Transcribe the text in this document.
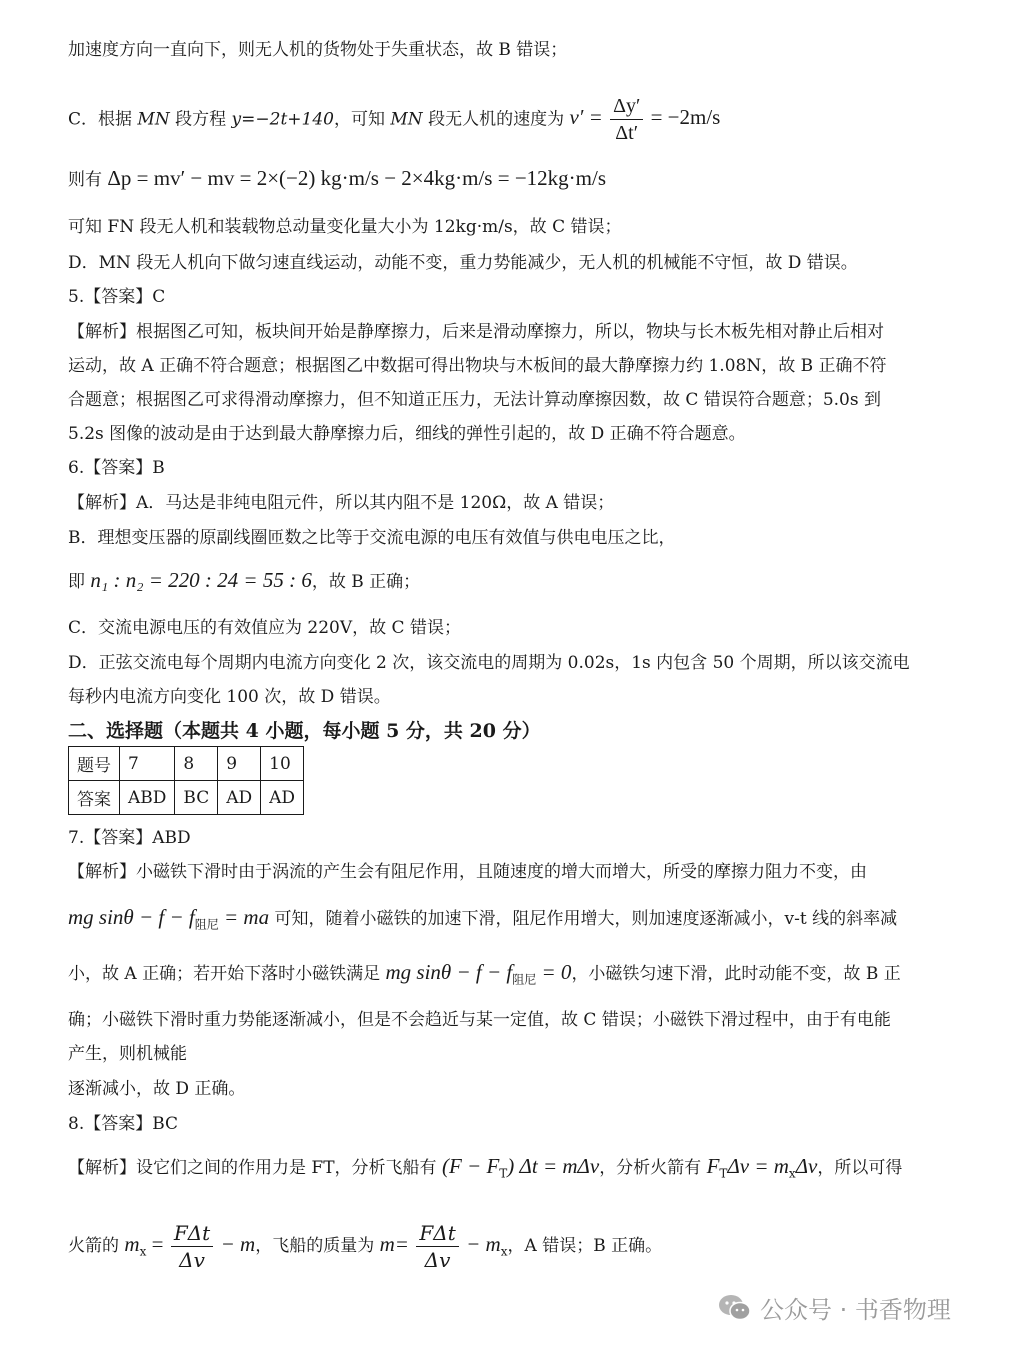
加速度方向一直向下，则无人机的货物处于失重状态，故 B 错误；
C．根据 MN 段方程 y=−2t+140，可知 MN 段无人机的速度为 $v' = \frac{\Delta y'}{\Delta t'} = -2m/s$
则有 Δp = mv′ − mv = 2×(−2) kg·m/s − 2×4kg·m/s = −12kg·m/s
可知 FN 段无人机和装载物总动量变化量大小为 12kg·m/s，故 C 错误；
D．MN 段无人机向下做匀速直线运动，动能不变，重力势能减少，无人机的机械能不守恒，故 D 错误。
5.【答案】C
【解析】根据图乙可知，板块间开始是静摩擦力，后来是滑动摩擦力，所以，物块与长木板先相对静止后相对
运动，故 A 正确不符合题意；根据图乙中数据可得出物块与木板间的最大静摩擦力约 1.08N，故 B 正确不符
合题意；根据图乙可求得滑动摩擦力，但不知道正压力，无法计算动摩擦因数，故 C 错误符合题意；5.0s 到
5.2s 图像的波动是由于达到最大静摩擦力后，细线的弹性引起的，故 D 正确不符合题意。
6.【答案】B
【解析】A．马达是非纯电阻元件，所以其内阻不是 120Ω，故 A 错误；
B．理想变压器的原副线圈匝数之比等于交流电源的电压有效值与供电电压之比，
即 n₁ : n₂ = 220 : 24 = 55 : 6，故 B 正确；
C．交流电源电压的有效值应为 220V，故 C 错误；
D．正弦交流电每个周期内电流方向变化 2 次，该交流电的周期为 0.02s，1s 内包含 50 个周期，所以该交流电
每秒内电流方向变化 100 次，故 D 错误。
二、选择题（本题共 4 小题，每小题 5 分，共 20 分）
题号	7	8	9	10
答案	ABD	BC	AD	AD
7.【答案】ABD
【解析】小磁铁下滑时由于涡流的产生会有阻尼作用，且随速度的增大而增大，所受的摩擦力阻力不变，由
mg $\sin\theta - f - f_{阻尼}$ = ma 可知，随着小磁铁的加速下滑，阻尼作用增大，则加速度逐渐减小，v-t 线的斜率减
小，故 A 正确；若开始下落时小磁铁满足 mg $\sin\theta - f - f_{阻尼} = 0$，小磁铁匀速下滑，此时动能不变，故 B 正
确；小磁铁下滑时重力势能逐渐减小，但是不会趋近与某一定值，故 C 错误；小磁铁下滑过程中，由于有电能
产生，则机械能
逐渐减小，故 D 正确。
8.【答案】BC
【解析】设它们之间的作用力是 FT，分析飞船有 $(F - F_T)$ Δt = mΔv，分析火箭有 $F_T\Delta v = m_x\Delta v$，所以可得
火箭的 $m_x = \frac{\text{FΔt}}{\Delta v} - m$，飞船的质量为 $m= \frac{\text{FΔt}}{\Delta v} - m_x$，A 错误；B 正确。
公众号 · 书香物理
